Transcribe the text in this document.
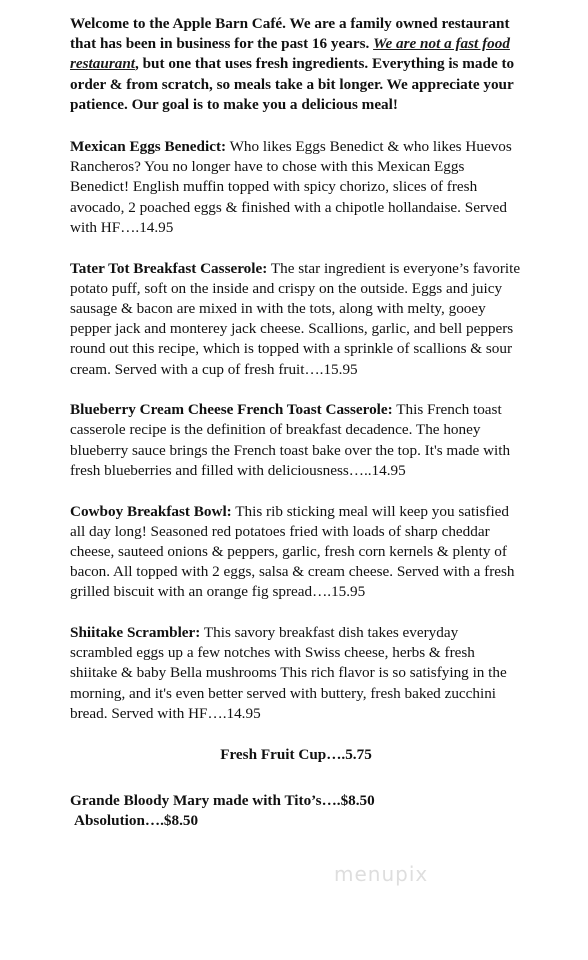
Welcome to the Apple Barn Café. We are a family owned restaurant that has been in business for the past 16 years. We are not a fast food restaurant, but one that uses fresh ingredients. Everything is made to order & from scratch, so meals take a bit longer. We appreciate your patience. Our goal is to make you a delicious meal!

Mexican Eggs Benedict: Who likes Eggs Benedict & who likes Huevos Rancheros? You no longer have to chose with this Mexican Eggs Benedict! English muffin topped with spicy chorizo, slices of fresh avocado, 2 poached eggs & finished with a chipotle hollandaise. Served with HF….14.95

Tater Tot Breakfast Casserole: The star ingredient is everyone’s favorite potato puff, soft on the inside and crispy on the outside. Eggs and juicy sausage & bacon are mixed in with the tots, along with melty, gooey pepper jack and monterey jack cheese. Scallions, garlic, and bell peppers round out this recipe, which is topped with a sprinkle of scallions & sour cream. Served with a cup of fresh fruit….15.95

Blueberry Cream Cheese French Toast Casserole: This French toast casserole recipe is the definition of breakfast decadence. The honey blueberry sauce brings the French toast bake over the top. It's made with fresh blueberries and filled with deliciousness…..14.95

Cowboy Breakfast Bowl: This rib sticking meal will keep you satisfied all day long! Seasoned red potatoes fried with loads of sharp cheddar cheese, sauteed onions & peppers, garlic, fresh corn kernels & plenty of bacon. All topped with 2 eggs, salsa & cream cheese. Served with a fresh grilled biscuit with an orange fig spread….15.95

Shiitake Scrambler: This savory breakfast dish takes everyday scrambled eggs up a few notches with Swiss cheese, herbs & fresh shiitake & baby Bella mushrooms This rich flavor is so satisfying in the morning, and it's even better served with buttery, fresh baked zucchini bread. Served with HF….14.95

Fresh Fruit Cup….5.75

Grande Bloody Mary made with Tito’s….$8.50
Absolution….$8.50

menupix
